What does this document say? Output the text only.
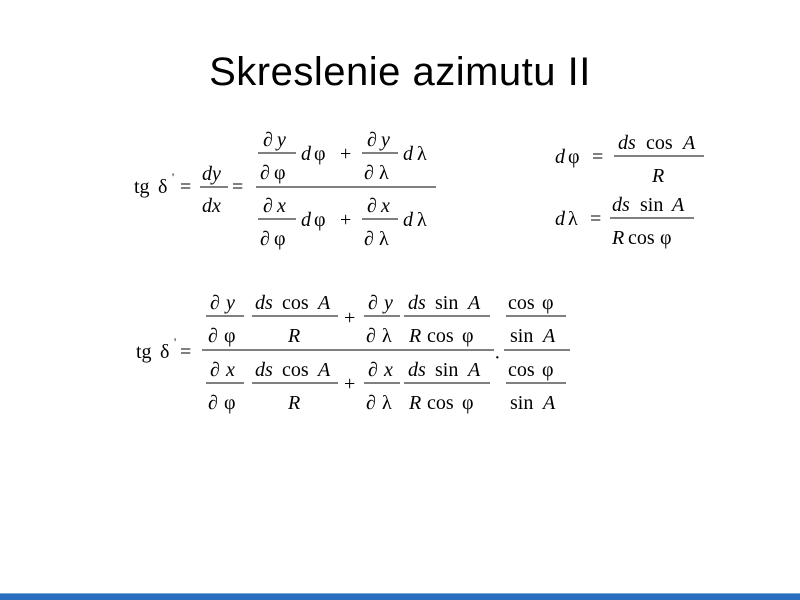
Skreslenie azimutu II
tg δ ' =
dy
dx
=
∂ y
∂ φ
d φ +
∂ y
∂ λ
d λ
∂ x
∂ φ
d φ +
∂ x
∂ λ
d λ
d φ =
ds cos A
R
d λ =
ds sin A
R cos φ
tg δ ' =
∂ y
∂ φ
ds cos A
R
+
∂ y
∂ λ
ds sin A
R cos φ
∂ x
∂ φ
ds cos A
R
+
∂ x
∂ λ
ds sin A
R cos φ
·
cos φ
sin A
cos φ
sin A
